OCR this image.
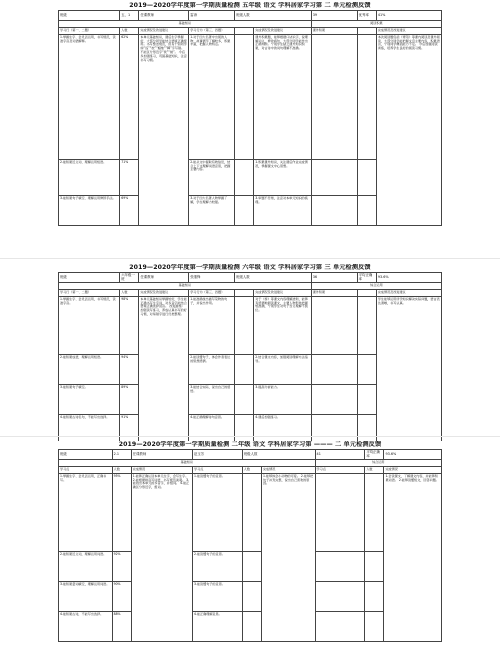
2019—2020学年度第一学期质量检测 五年级 语文 学科居家学习第 二 单元检测反馈
班级	五、1	任课教师	雷涛	班级人数		39	优秀率	41%
基础知识						阅读积累		
学习行（第一、二题）	人数	完成情况及改进建议	学习行为（第三、四题）		完成情况及改进建议	课外积累		完成情况及改进建议
1.掌握生字、会灵活运用，书写规范，读准字音及词语解释。	62%	本单元基础知识，课后生字掌握好，大部分同学能结合语境正确使用。书写整洁规范，但有个别同学如“巡”“挖”“蜡烛”“瞬”字写错。不能区分形近字“侯”“候”。 今后多加强练习，巩固基础知识，注意书写习惯。	1.对于四大名著中出现的人物、故事情节了解较多，积累丰富，把握人物特点。		课外积累题，能够根据口诀识字，说理解词义，修改病句，大部分同学能作出正确判断。个别学生缺乏课外知识积累，对古诗中的词句理解不准确。			本次阅读题包括《青陌》等课内阅读及课外阅读，大部分同学能把握文章主要内容，积累语言，个别同学概括能力不足。 今后加强阅读训练，培养学生良好的阅读习惯。
2.能积累近义词、理解运用短语。	71%		2.能从文中提取有效信息，结合上下文理解词语意思，把握主要内容。		1.积累课外知识，关注课后作业完成情况，掌握课文中心思想。			
3.能积累句子填空、理解运用修辞手法。	69%		3.对于四大名著人物掌握了解，学生理解力较强。		3.审题不仔细，注意对本单元知识的梳理。			
2019—2020学年度第一学期质量检测 六年级 语文 学科居家学习第 三 单元检测反馈
班级	六年级一班	任课教师	张继锋	班级人数		36	平均正确率	93.6%
基础知识						综合运用		
学习行（第一、二题）	人数	完成情况及改进建议	学习行为（第三、四题）		完成情况及改进建议	课外积累		完成情况及改进建议
1.掌握生字、会灵活运用，书写规范，读准字音。	98%	本单元基础知识掌握较好，学生能正确书写生字词，对多音字能结合语境正确选择读音。 改进措施：加强读写练习，养成认真书写的好习惯，对易错字进行归类整理。	1.能准确找出描写景物的句子，并说出作用。		对于《桥》等课文内容理解透彻，能够有感情地朗读课文，主要人物形象把握较准确，个别学生对句子含义理解不到位。			学生能够运用所学知识解决实际问题，语言表达清晰，书写认真。
2.能积累成语，理解运用短语。	94%		2.能读懂句子，体会作者表达的思想感情。		2.结合课文内容，加强阅读理解方法指导。			
3.能积累句子填空。	89%		3.能结合实际，说出自己的感悟。		3.提高分析能力。			
4.能积累古诗名句，不能写出选择。	91%		4.能正确理解诗句意思。		4.课后加强练习。			
2019—2020学年度第一学期质量检测 二年级 语文 学科居家学习第 ——— 二 单元检测反馈
班级	2.1	任课教师	赵玉芳	班级人数		41	平均正确率	93.6%
基础知识						综合运用		
学习点	人数	完成情况	学习点	人数	完成情况	学习点	人数	完成情况
1.掌握生字、会灵活运用，正确书写。	95%	1.能够正确认读本单元生字，会写生字。 2.能根据拼音写词语，书写规范美观。 3.能找出本单元的多音字，并组词。 4.能正确区分形近字，组词。	1.能读懂句子的意思。		1.能够体会小动物的可爱。 2.能够把句子补充完整，说出自己喜欢的原因。			1.会读课文，了解课文内容，并能够积累词语。 2.能够读懂短文，回答问题。
2.能积累近义词，理解运用词语。	92%		2.能读懂句子的意思。					
3.能积累量词填空，理解运用词语。	90%		3.能读懂句子的意思。					
4.能积累古诗，不能写出选择。	88%		4.能正确理解意思。					
